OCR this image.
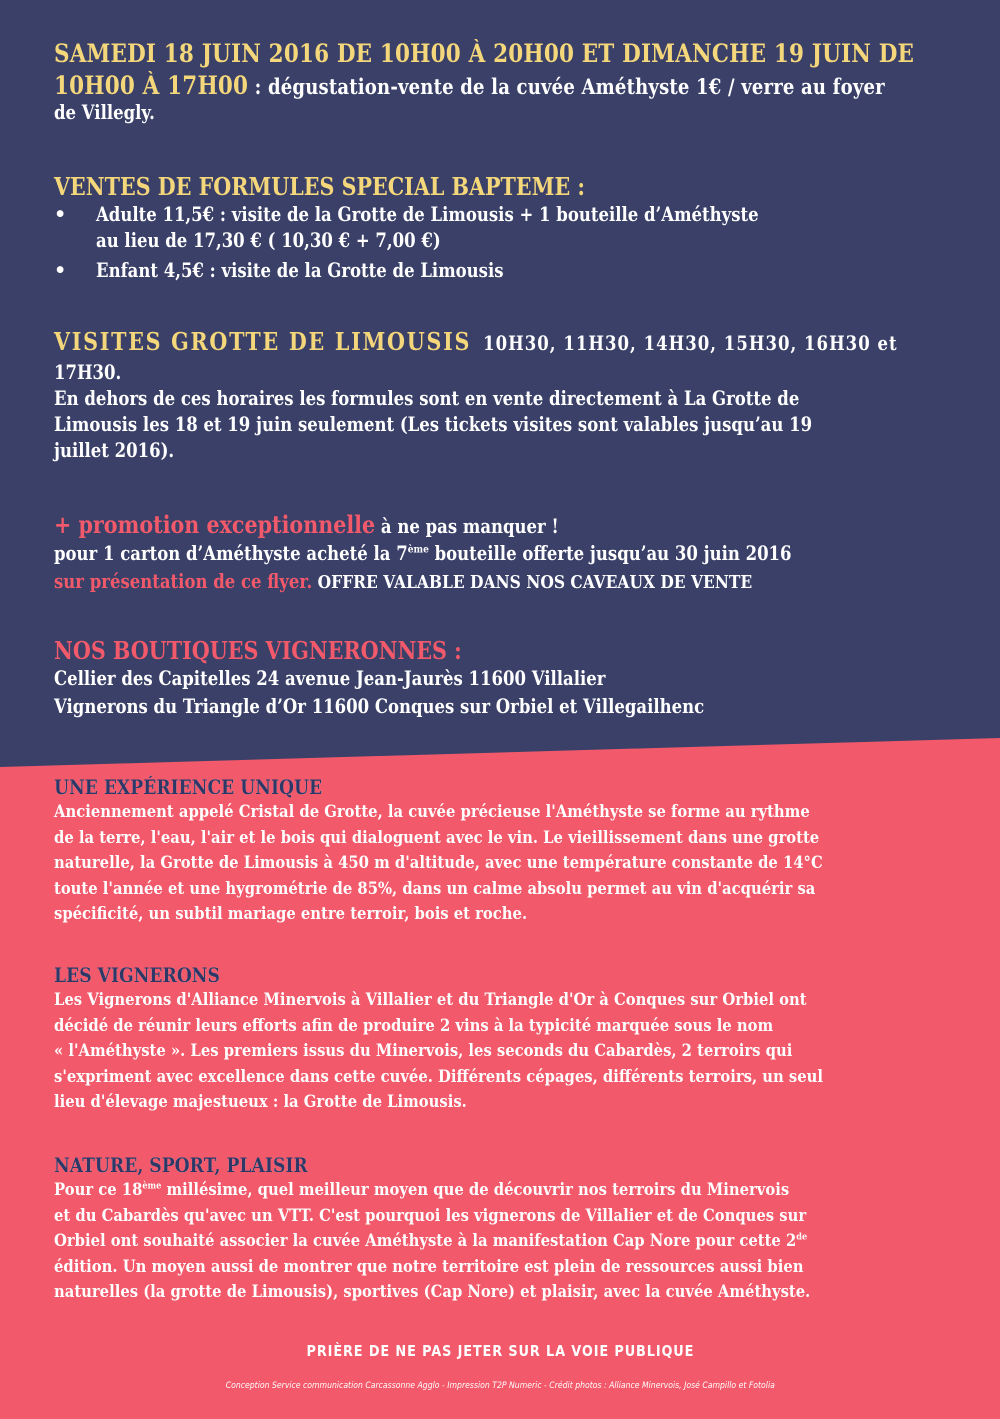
SAMEDI 18 JUIN 2016 DE 10H00 À 20H00 ET DIMANCHE 19 JUIN DE
10H00 À 17H00 : dégustation-vente de la cuvée Améthyste 1€ / verre au foyer
de Villegly.
VENTES DE FORMULES SPECIAL BAPTEME :
•	Adulte 11,5€ : visite de la Grotte de Limousis + 1 bouteille d’Améthyste
au lieu de 17,30 € ( 10,30 € + 7,00 €)
•	Enfant 4,5€ : visite de la Grotte de Limousis
VISITES GROTTE DE LIMOUSIS 10H30, 11H30, 14H30, 15H30, 16H30 et
17H30.
En dehors de ces horaires les formules sont en vente directement à La Grotte de
Limousis les 18 et 19 juin seulement (Les tickets visites sont valables jusqu’au 19
juillet 2016).
+ promotion exceptionnelle à ne pas manquer !
pour 1 carton d’Améthyste acheté la 7ème bouteille offerte jusqu’au 30 juin 2016
sur présentation de ce flyer. OFFRE VALABLE DANS NOS CAVEAUX DE VENTE
NOS BOUTIQUES VIGNERONNES :
Cellier des Capitelles 24 avenue Jean-Jaurès 11600 Villalier
Vignerons du Triangle d’Or 11600 Conques sur Orbiel et Villegailhenc
UNE EXPÉRIENCE UNIQUE
Anciennement appelé Cristal de Grotte, la cuvée précieuse l'Améthyste se forme au rythme
de la terre, l'eau, l'air et le bois qui dialoguent avec le vin. Le vieillissement dans une grotte
naturelle, la Grotte de Limousis à 450 m d'altitude, avec une température constante de 14°C
toute l'année et une hygrométrie de 85%, dans un calme absolu permet au vin d'acquérir sa
spécificité, un subtil mariage entre terroir, bois et roche.
LES VIGNERONS
Les Vignerons d'Alliance Minervois à Villalier et du Triangle d'Or à Conques sur Orbiel ont
décidé de réunir leurs efforts afin de produire 2 vins à la typicité marquée sous le nom
« l'Améthyste ». Les premiers issus du Minervois, les seconds du Cabardès, 2 terroirs qui
s'expriment avec excellence dans cette cuvée. Différents cépages, différents terroirs, un seul
lieu d'élevage majestueux : la Grotte de Limousis.
NATURE, SPORT, PLAISIR
Pour ce 18ème millésime, quel meilleur moyen que de découvrir nos terroirs du Minervois
et du Cabardès qu'avec un VTT. C'est pourquoi les vignerons de Villalier et de Conques sur
Orbiel ont souhaité associer la cuvée Améthyste à la manifestation Cap Nore pour cette 2de
édition. Un moyen aussi de montrer que notre territoire est plein de ressources aussi bien
naturelles (la grotte de Limousis), sportives (Cap Nore) et plaisir, avec la cuvée Améthyste.
PRIÈRE DE NE PAS JETER SUR LA VOIE PUBLIQUE
Conception Service communication Carcassonne Agglo - Impression T2P Numeric - Crédit photos : Alliance Minervois, José Campillo et Fotolia
